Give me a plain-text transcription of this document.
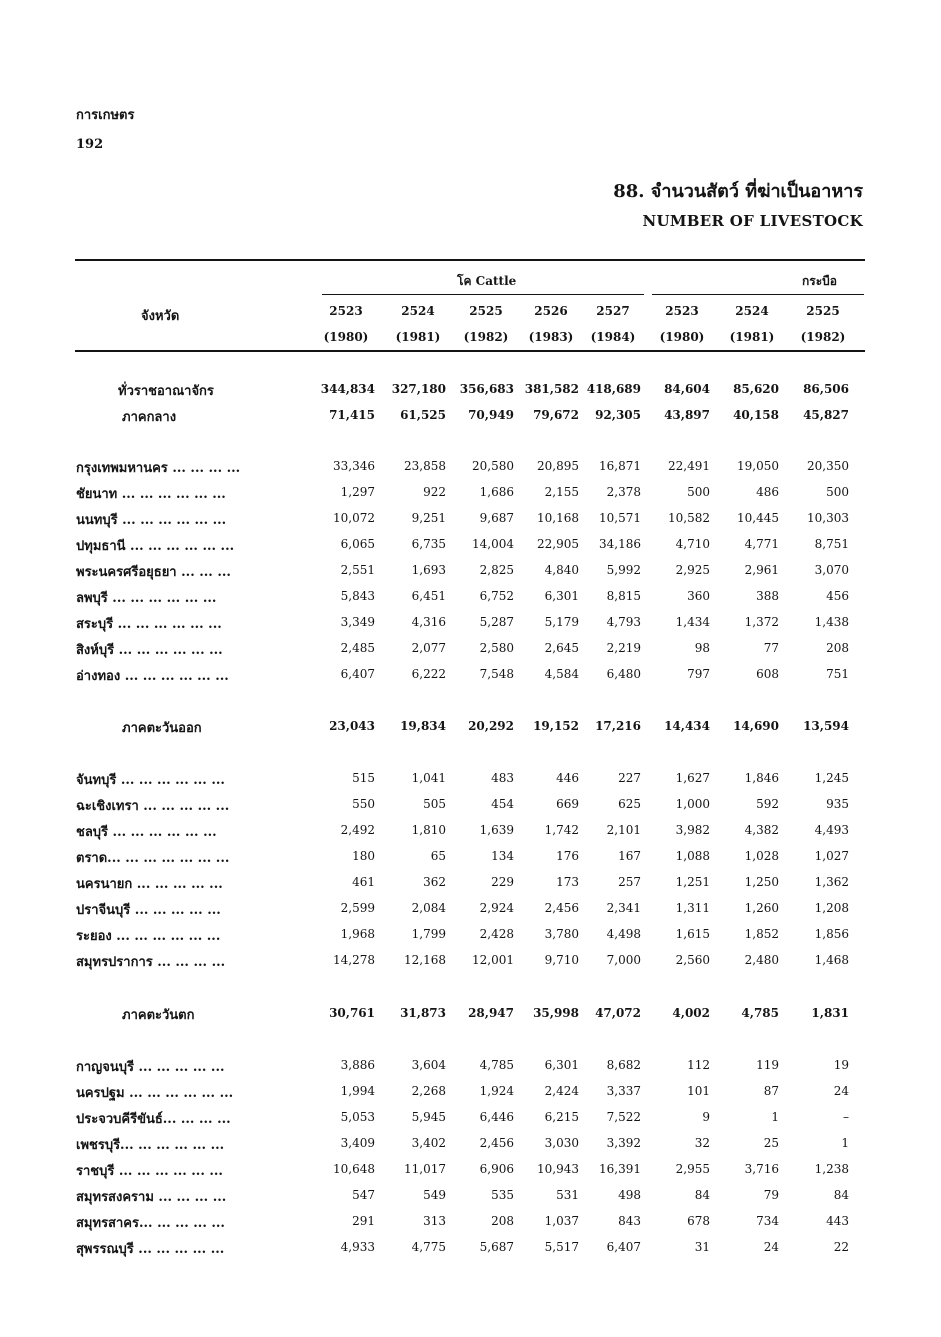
การเกษตร
192
88. จำนวนสัตว์ ที่ฆ่าเป็นอาหาร
NUMBER OF LIVESTOCK
โค Cattle	กระบือ
จังหวัด	2523	2524	2525	2526	2527	2523	2524	2525
(1980)	(1981)	(1982)	(1983)	(1984)	(1980)	(1981)	(1982)
ทั่วราชอาณาจักร	344,834	327,180	356,683 381,582 418,689	84,604	85,620	86,506
ภาคกลาง	71,415	61,525	70,949	79,672	92,305	43,897	40,158	45,827
กรุงเทพมหานคร ... ... ... ...	33,346	23,858	20,580	20,895	16,871	22,491	19,050	20,350
ชัยนาท ... ... ... ... ... ...	1,297	922	1,686	2,155	2,378	500	486	500
นนทบุรี ... ... ... ... ... ...	10,072	9,251	9,687	10,168	10,571	10,582	10,445	10,303
ปทุมธานี ... ... ... ... ... ...	6,065	6,735	14,004	22,905	34,186	4,710	4,771	8,751
พระนครศรีอยุธยา ... ... ...	2,551	1,693	2,825	4,840	5,992	2,925	2,961	3,070
ลพบุรี ... ... ... ... ... ...	5,843	6,451	6,752	6,301	8,815	360	388	456
สระบุรี ... ... ... ... ... ...	3,349	4,316	5,287	5,179	4,793	1,434	1,372	1,438
สิงห์บุรี ... ... ... ... ... ...	2,485	2,077	2,580	2,645	2,219	98	77	208
อ่างทอง ... ... ... ... ... ...	6,407	6,222	7,548	4,584	6,480	797	608	751
ภาคตะวันออก	23,043	19,834	20,292	19,152	17,216	14,434	14,690	13,594
จันทบุรี ... ... ... ... ... ...	515	1,041	483	446	227	1,627	1,846	1,245
ฉะเชิงเทรา ... ... ... ... ...	550	505	454	669	625	1,000	592	935
ชลบุรี ... ... ... ... ... ...	2,492	1,810	1,639	1,742	2,101	3,982	4,382	4,493
ตราด... ... ... ... ... ... ...	180	65	134	176	167	1,088	1,028	1,027
นครนายก ... ... ... ... ...	461	362	229	173	257	1,251	1,250	1,362
ปราจีนบุรี ... ... ... ... ...	2,599	2,084	2,924	2,456	2,341	1,311	1,260	1,208
ระยอง ... ... ... ... ... ...	1,968	1,799	2,428	3,780	4,498	1,615	1,852	1,856
สมุทรปราการ ... ... ... ...	14,278	12,168	12,001	9,710	7,000	2,560	2,480	1,468
ภาคตะวันตก	30,761	31,873	28,947	35,998	47,072	4,002	4,785	1,831
กาญจนบุรี ... ... ... ... ...	3,886	3,604	4,785	6,301	8,682	112	119	19
นครปฐม ... ... ... ... ... ...	1,994	2,268	1,924	2,424	3,337	101	87	24
ประจวบคีรีขันธ์... ... ... ...	5,053	5,945	6,446	6,215	7,522	9	1	–
เพชรบุรี... ... ... ... ... ...	3,409	3,402	2,456	3,030	3,392	32	25	1
ราชบุรี ... ... ... ... ... ...	10,648	11,017	6,906	10,943	16,391	2,955	3,716	1,238
สมุทรสงคราม ... ... ... ...	547	549	535	531	498	84	79	84
สมุทรสาคร... ... ... ... ...	291	313	208	1,037	843	678	734	443
สุพรรณบุรี ... ... ... ... ...	4,933	4,775	5,687	5,517	6,407	31	24	22
